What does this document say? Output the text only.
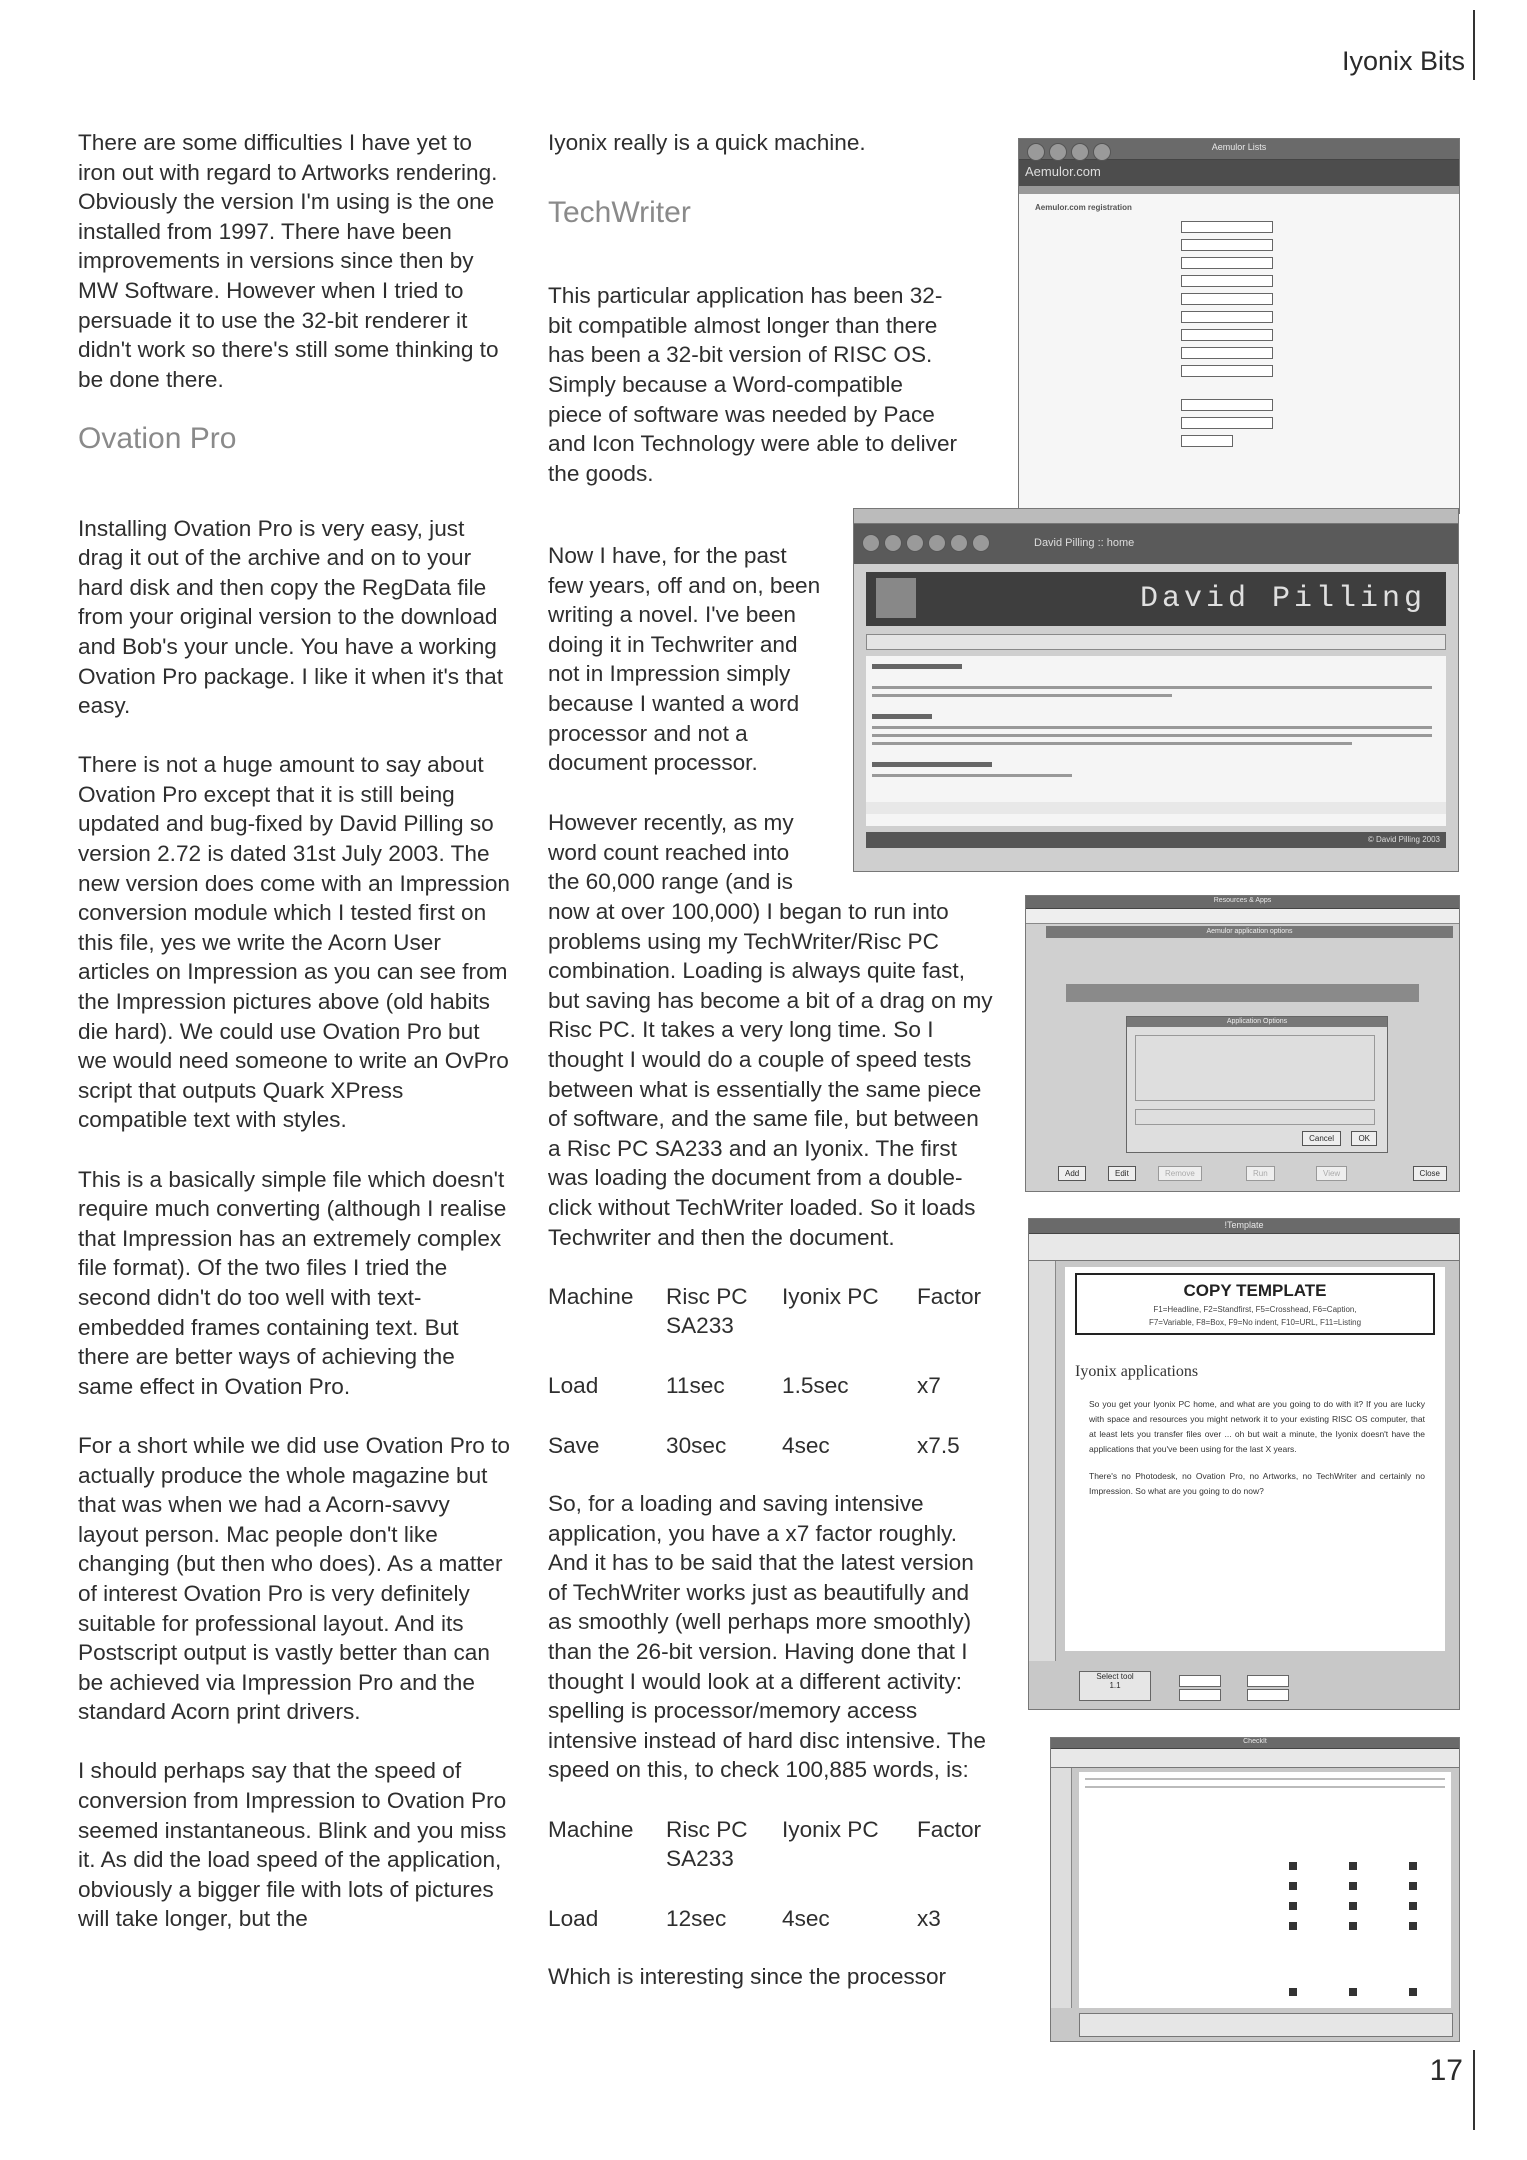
Iyonix Bits

There are some difficulties I have yet to iron out with regard to Artworks rendering. Obviously the version I'm using is the one installed from 1997. There have been improvements in versions since then by MW Software. However when I tried to persuade it to use the 32-bit renderer it didn't work so there's still some thinking to be done there.

Ovation Pro

Installing Ovation Pro is very easy, just drag it out of the archive and on to your hard disk and then copy the RegData file from your original version to the download and Bob's your uncle. You have a working Ovation Pro package. I like it when it's that easy.

There is not a huge amount to say about Ovation Pro except that it is still being updated and bug-fixed by David Pilling so version 2.72 is dated 31st July 2003. The new version does come with an Impression conversion module which I tested first on this file, yes we write the Acorn User articles on Impression as you can see from the Impression pictures above (old habits die hard). We could use Ovation Pro but we would need someone to write an OvPro script that outputs Quark XPress compatible text with styles.

This is a basically simple file which doesn't require much converting (although I realise that Impression has an extremely complex file format). Of the two files I tried the second didn't do too well with text-embedded frames containing text. But there are better ways of achieving the same effect in Ovation Pro.

For a short while we did use Ovation Pro to actually produce the whole magazine but that was when we had a Acorn-savvy layout person. Mac people don't like changing (but then who does). As a matter of interest Ovation Pro is very definitely suitable for professional layout. And its Postscript output is vastly better than can be achieved via Impression Pro and the standard Acorn print drivers.

I should perhaps say that the speed of conversion from Impression to Ovation Pro seemed instantaneous. Blink and you miss it. As did the load speed of the application, obviously a bigger file with lots of pictures will take longer, but the

Iyonix really is a quick machine.
TechWriter
This particular application has been 32-
bit compatible almost longer than there
has been a 32-bit version of RISC OS.
Simply because a Word-compatible
piece of software was needed by Pace
and Icon Technology were able to deliver
the goods.
Now I have, for the past
few years, off and on, been
writing a novel. I've been
doing it in Techwriter and
not in Impression simply
because I wanted a word
processor and not a
document processor.
However recently, as my
word count reached into
the 60,000 range (and is

now at over 100,000) I began to run into problems using my TechWriter/Risc PC combination. Loading is always quite fast, but saving has become a bit of a drag on my Risc PC. It takes a very long time. So I thought I would do a couple of speed tests between what is essentially the same piece of software, and the same file, but between a Risc PC SA233 and an Iyonix. The first was loading the document from a double-click without TechWriter loaded. So it loads Techwriter and then the document.

Machine	Risc PC SA233	Iyonix PC	Factor

Load	11sec	1.5sec	x7

Save	30sec	4sec	x7.5

So, for a loading and saving intensive application, you have a x7 factor roughly. And it has to be said that the latest version of TechWriter works just as beautifully and as smoothly (well perhaps more smoothly) than the 26-bit version. Having done that I thought I would look at a different activity: spelling is processor/memory access intensive instead of hard disc intensive. The speed on this, to check 100,885 words, is:

Machine	Risc PC SA233	Iyonix PC	Factor

Load	12sec	4sec	x3

Which is interesting since the processor

Aemulor Lists
Aemulor.com
Aemulor.com registration
David Pilling :: home
David Pilling
© David Pilling 2003
Resources & Apps
Aemulor application options
Application Options
Cancel	OK
Add	Edit	Remove	Run	View	Close
!Template
COPY TEMPLATE
F1=Headline, F2=Standfirst, F5=Crosshead, F6=Caption,
F7=Variable, F8=Box, F9=No indent, F10=URL, F11=Listing
Iyonix applications
So you get your Iyonix PC home, and what are you going to do with it? If you are lucky with space and resources you might network it to your existing RISC OS computer, that at least lets you transfer files over ... oh but wait a minute, the Iyonix doesn't have the applications that you've been using for the last X years.
There's no Photodesk, no Ovation Pro, no Artworks, no TechWriter and certainly no Impression. So what are you going to do now?
Select tool
1.1
CheckIt
17
